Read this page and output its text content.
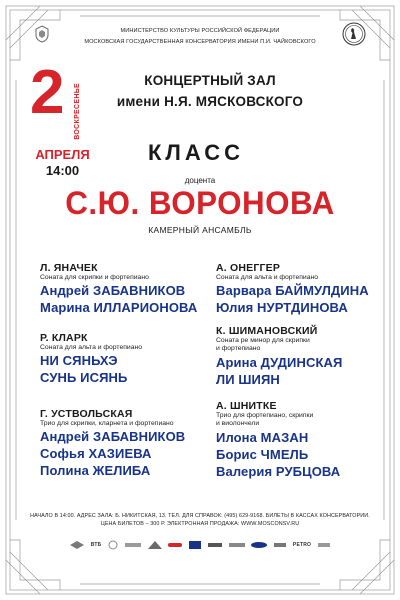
МИНИСТЕРСТВО КУЛЬТУРЫ РОССИЙСКОЙ ФЕДЕРАЦИИ
МОСКОВСКАЯ ГОСУДАРСТВЕННАЯ КОНСЕРВАТОРИЯ ИМЕНИ П.И. ЧАЙКОВСКОГО
КОНЦЕРТНЫЙ ЗАЛ
имени Н.Я. МЯСКОВСКОГО
2 ВОСКРЕСЕНЬЕ
АПРЕЛЯ
14:00
КЛАСС
доцента
С.Ю. ВОРОНОВА
КАМЕРНЫЙ АНСАМБЛЬ
Л. ЯНАЧЕК
Соната для скрипки и фортепиано
Андрей ЗАБАВНИКОВ
Марина ИЛЛАРИОНОВА
Р. КЛАРК
Соната для альта и фортепиано
НИ СЯНЬХЭ
СУНЬ ИСЯНЬ
Г. УСТВОЛЬСКАЯ
Трио для скрипки, кларнета и фортепиано
Андрей ЗАБАВНИКОВ
Софья ХАЗИЕВА
Полина ЖЕЛИБА
А. ОНЕГГЕР
Соната для альта и фортепиано
Варвара БАЙМУЛДИНА
Юлия НУРТДИНОВА
К. ШИМАНОВСКИЙ
Соната ре минор для скрипки
и фортепиано
Арина ДУДИНСКАЯ
ЛИ ШИЯН
А. ШНИТКЕ
Трио для фортепиано, скрипки
и виолончели
Илона МАЗАН
Борис ЧМЕЛЬ
Валерия РУБЦОВА
НАЧАЛО В 14:00. АДРЕС ЗАЛА: Б. НИКИТСКАЯ, 13. ТЕЛ. ДЛЯ СПРАВОК: (495) 629-9168. БИЛЕТЫ В КАССАХ КОНСЕРВАТОРИИ.
ЦЕНА БИЛЕТОВ – 300 Р. ЭЛЕКТРОННАЯ ПРОДАЖА: WWW.MOSCONSV.RU
ВТБ	PETRO
